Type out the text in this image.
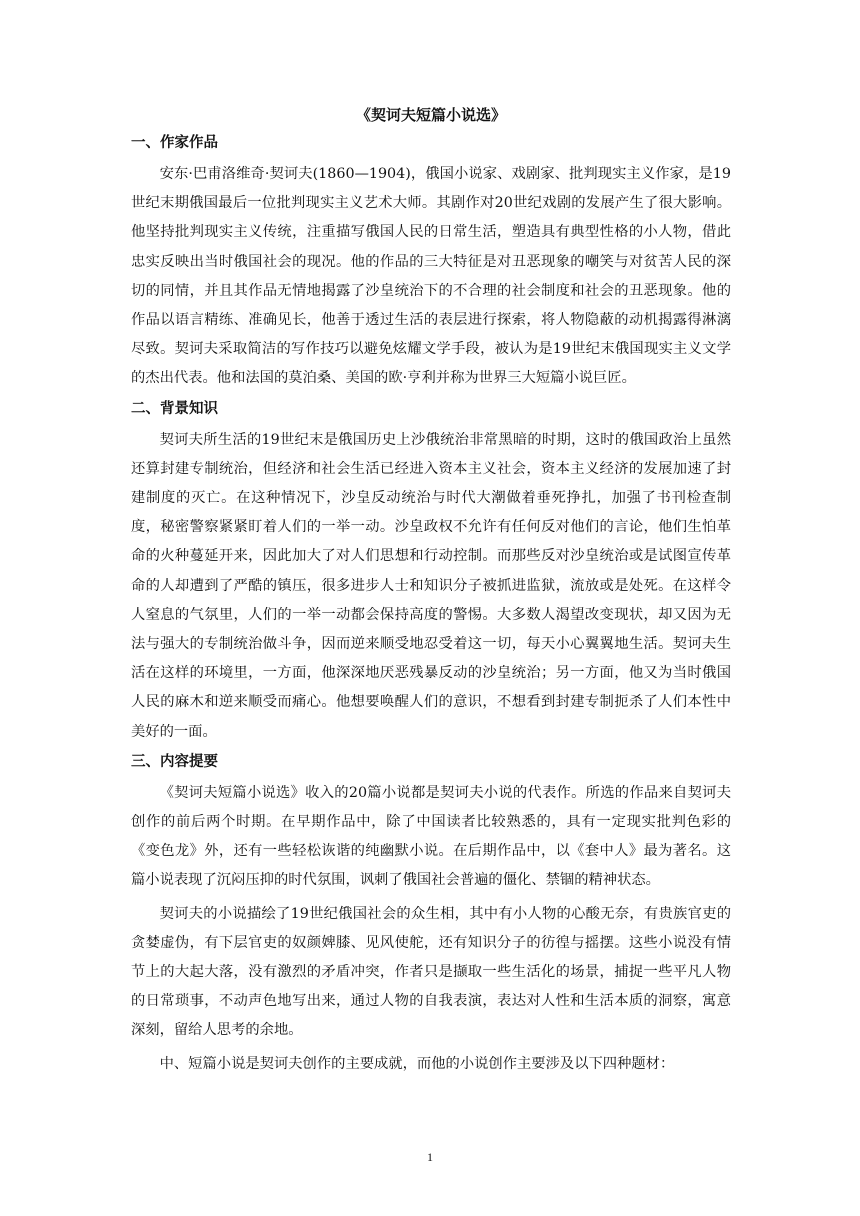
《契诃夫短篇小说选》
一、作家作品

安东·巴甫洛维奇·契诃夫(1860—1904)，俄国小说家、戏剧家、批判现实主义作家，是19世纪末期俄国最后一位批判现实主义艺术大师。其剧作对20世纪戏剧的发展产生了很大影响。他坚持批判现实主义传统，注重描写俄国人民的日常生活，塑造具有典型性格的小人物，借此忠实反映出当时俄国社会的现况。他的作品的三大特征是对丑恶现象的嘲笑与对贫苦人民的深切的同情，并且其作品无情地揭露了沙皇统治下的不合理的社会制度和社会的丑恶现象。他的作品以语言精练、准确见长，他善于透过生活的表层进行探索，将人物隐蔽的动机揭露得淋漓尽致。契诃夫采取简洁的写作技巧以避免炫耀文学手段，被认为是19世纪末俄国现实主义文学的杰出代表。他和法国的莫泊桑、美国的欧·亨利并称为世界三大短篇小说巨匠。

二、背景知识

契诃夫所生活的19世纪末是俄国历史上沙俄统治非常黑暗的时期，这时的俄国政治上虽然还算封建专制统治，但经济和社会生活已经进入资本主义社会，资本主义经济的发展加速了封建制度的灭亡。在这种情况下，沙皇反动统治与时代大潮做着垂死挣扎，加强了书刊检查制度，秘密警察紧紧盯着人们的一举一动。沙皇政权不允许有任何反对他们的言论，他们生怕革命的火种蔓延开来，因此加大了对人们思想和行动控制。而那些反对沙皇统治或是试图宣传革命的人却遭到了严酷的镇压，很多进步人士和知识分子被抓进监狱，流放或是处死。在这样令人窒息的气氛里，人们的一举一动都会保持高度的警惕。大多数人渴望改变现状，却又因为无法与强大的专制统治做斗争，因而逆来顺受地忍受着这一切，每天小心翼翼地生活。契诃夫生活在这样的环境里，一方面，他深深地厌恶残暴反动的沙皇统治；另一方面，他又为当时俄国人民的麻木和逆来顺受而痛心。他想要唤醒人们的意识，不想看到封建专制扼杀了人们本性中美好的一面。

三、内容提要

《契诃夫短篇小说选》收入的20篇小说都是契诃夫小说的代表作。所选的作品来自契诃夫创作的前后两个时期。在早期作品中，除了中国读者比较熟悉的，具有一定现实批判色彩的《变色龙》外，还有一些轻松诙谐的纯幽默小说。在后期作品中，以《套中人》最为著名。这篇小说表现了沉闷压抑的时代氛围，讽刺了俄国社会普遍的僵化、禁锢的精神状态。

契诃夫的小说描绘了19世纪俄国社会的众生相，其中有小人物的心酸无奈，有贵族官吏的贪婪虚伪，有下层官吏的奴颜婢膝、见风使舵，还有知识分子的彷徨与摇摆。这些小说没有情节上的大起大落，没有激烈的矛盾冲突，作者只是撷取一些生活化的场景，捕捉一些平凡人物的日常琐事，不动声色地写出来，通过人物的自我表演，表达对人性和生活本质的洞察，寓意深刻，留给人思考的余地。

中、短篇小说是契诃夫创作的主要成就，而他的小说创作主要涉及以下四种题材：

1
